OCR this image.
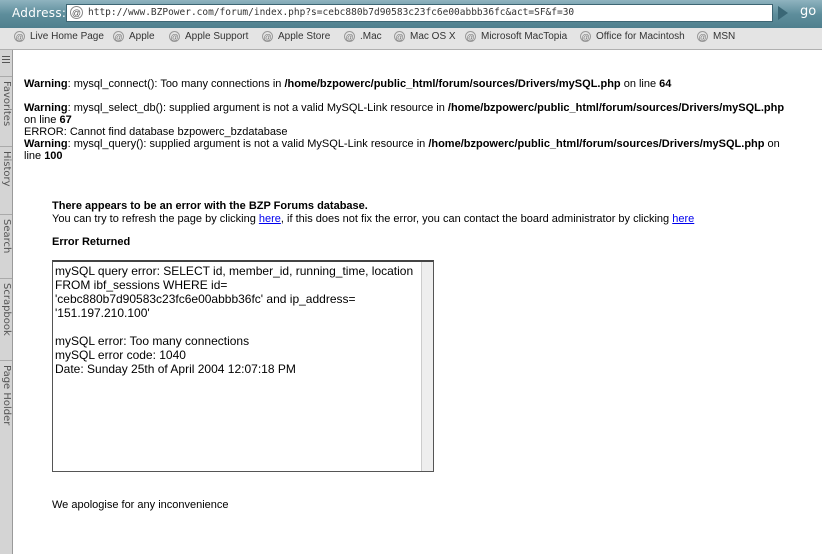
Address: @ http://www.BZPower.com/forum/index.php?s=cebc880b7d90583c23fc6e00abbb36fc&act=SF&f=30	go
@ Live Home Page @ Apple @ Apple Support @ Apple Store @ .Mac @ Mac OS X @ Microsoft MacTopia @ Office for Macintosh @ MSN
Favorites
History
Search
Scrapbook
Page Holder
Warning: mysql_connect(): Too many connections in /home/bzpowerc/public_html/forum/sources/Drivers/mySQL.php on line 64
Warning: mysql_select_db(): supplied argument is not a valid MySQL-Link resource in /home/bzpowerc/public_html/forum/sources/Drivers/mySQL.php on line 67
ERROR: Cannot find database bzpowerc_bzdatabase
Warning: mysql_query(): supplied argument is not a valid MySQL-Link resource in /home/bzpowerc/public_html/forum/sources/Drivers/mySQL.php on line 100
There appears to be an error with the BZP Forums database.
You can try to refresh the page by clicking here, if this does not fix the error, you can contact the board administrator by clicking here
Error Returned
mySQL query error: SELECT id, member_id, running_time, location FROM ibf_sessions WHERE id= 'cebc880b7d90583c23fc6e00abbb36fc' and ip_address= '151.197.210.100'

mySQL error: Too many connections
mySQL error code: 1040
Date: Sunday 25th of April 2004 12:07:18 PM
We apologise for any inconvenience
